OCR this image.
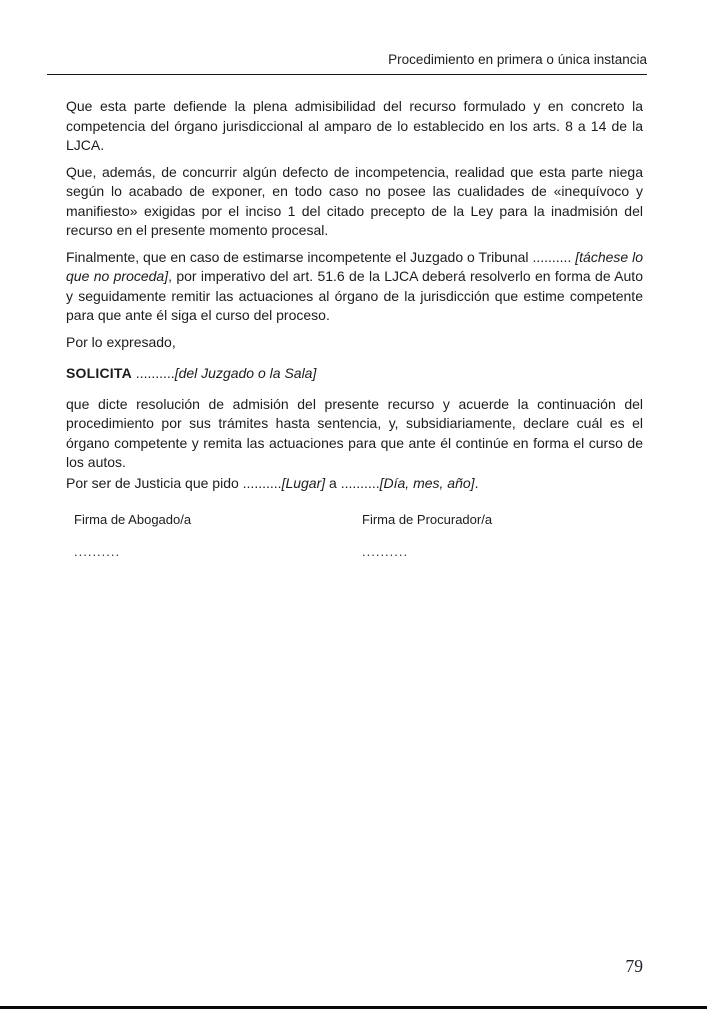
Procedimiento en primera o única instancia

Que esta parte defiende la plena admisibilidad del recurso formulado y en concreto la competencia del órgano jurisdiccional al amparo de lo establecido en los arts. 8 a 14 de la LJCA.

Que, además, de concurrir algún defecto de incompetencia, realidad que esta parte niega según lo acabado de exponer, en todo caso no posee las cualidades de «inequívoco y manifiesto» exigidas por el inciso 1 del citado precepto de la Ley para la inadmisión del recurso en el presente momento procesal.

Finalmente, que en caso de estimarse incompetente el Juzgado o Tribunal .......... [táchese lo que no proceda], por imperativo del art. 51.6 de la LJCA deberá resolverlo en forma de Auto y seguidamente remitir las actuaciones al órgano de la jurisdicción que estime competente para que ante él siga el curso del proceso.

Por lo expresado,

SOLICITA ..........[del Juzgado o la Sala]

que dicte resolución de admisión del presente recurso y acuerde la continuación del procedimiento por sus trámites hasta sentencia, y, subsidiariamente, declare cuál es el órgano competente y remita las actuaciones para que ante él continúe en forma el curso de los autos.

Por ser de Justicia que pido ..........[Lugar] a ..........[Día, mes, año].

Firma de Abogado/a
..........
Firma de Procurador/a
..........
79
